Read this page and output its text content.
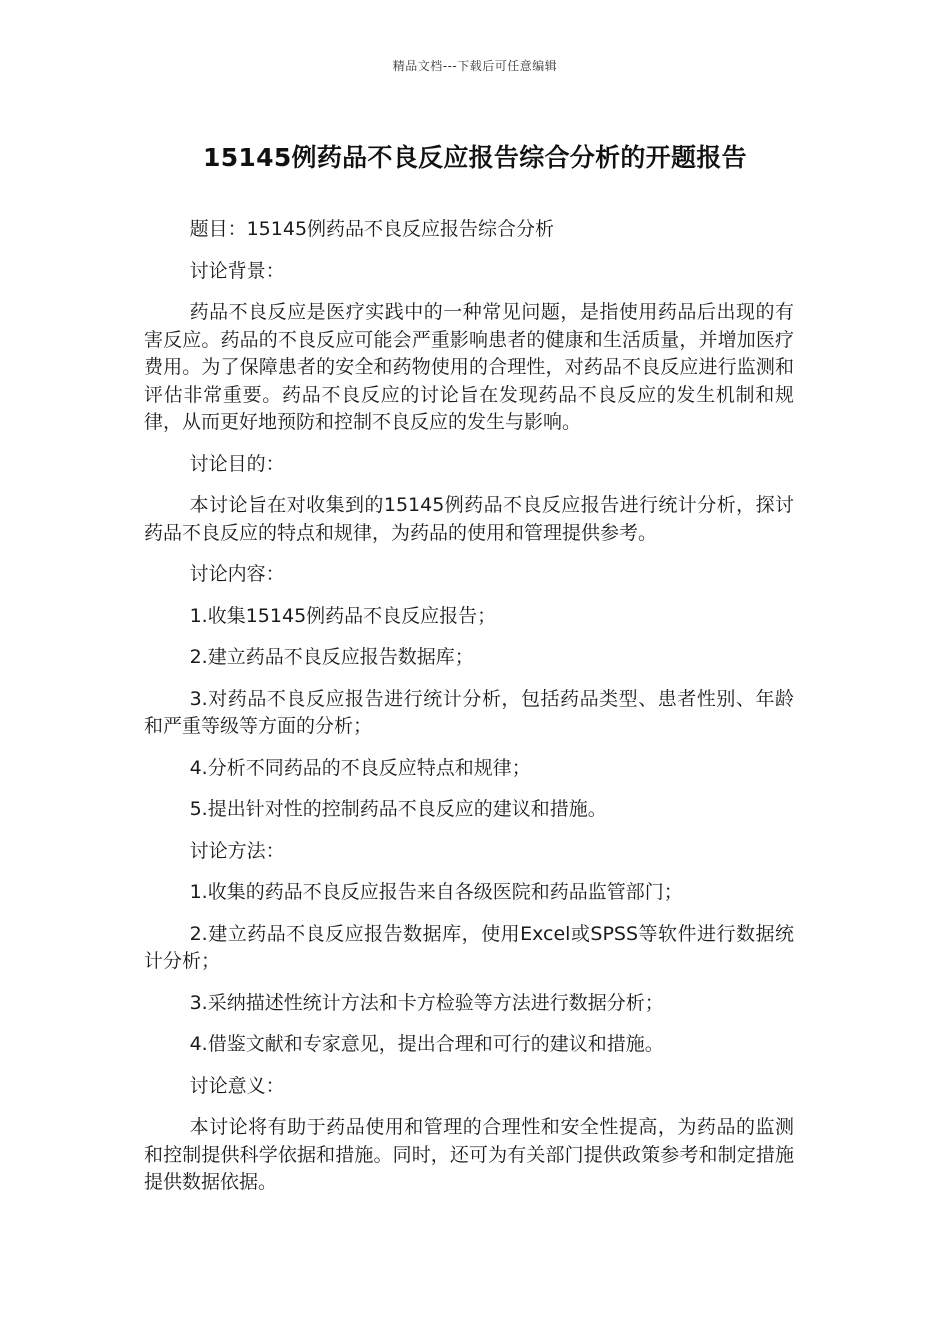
精品文档---下载后可任意编辑
15145例药品不良反应报告综合分析的开题报告

题目：15145例药品不良反应报告综合分析

讨论背景：

药品不良反应是医疗实践中的一种常见问题，是指使用药品后出现的有害反应。药品的不良反应可能会严重影响患者的健康和生活质量，并增加医疗费用。为了保障患者的安全和药物使用的合理性，对药品不良反应进行监测和评估非常重要。药品不良反应的讨论旨在发现药品不良反应的发生机制和规律，从而更好地预防和控制不良反应的发生与影响。

讨论目的：

本讨论旨在对收集到的15145例药品不良反应报告进行统计分析，探讨药品不良反应的特点和规律，为药品的使用和管理提供参考。

讨论内容：

1.收集15145例药品不良反应报告；

2.建立药品不良反应报告数据库；

3.对药品不良反应报告进行统计分析，包括药品类型、患者性别、年龄和严重等级等方面的分析；

4.分析不同药品的不良反应特点和规律；

5.提出针对性的控制药品不良反应的建议和措施。

讨论方法：

1.收集的药品不良反应报告来自各级医院和药品监管部门；

2.建立药品不良反应报告数据库，使用Excel或SPSS等软件进行数据统计分析；

3.采纳描述性统计方法和卡方检验等方法进行数据分析；

4.借鉴文献和专家意见，提出合理和可行的建议和措施。

讨论意义：

本讨论将有助于药品使用和管理的合理性和安全性提高，为药品的监测和控制提供科学依据和措施。同时，还可为有关部门提供政策参考和制定措施提供数据依据。
